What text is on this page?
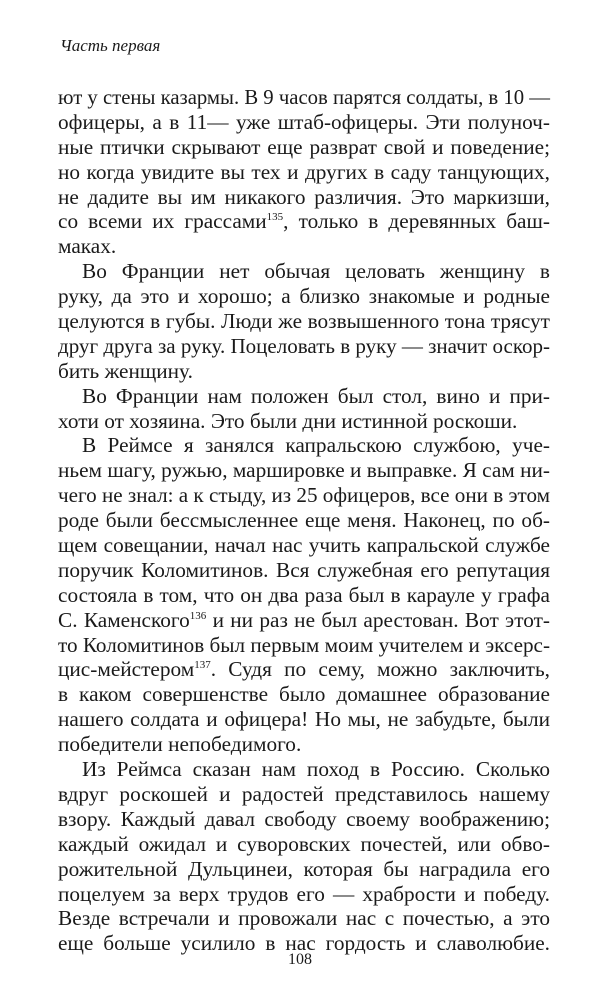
Часть первая
ют у стены казармы. В 9 часов парятся солдаты, в 10 —
офицеры, а в 11— уже штаб-офицеры. Эти полуноч-
ные птички скрывают еще разврат свой и поведение;
но когда увидите вы тех и других в саду танцующих,
не дадите вы им никакого различия. Это маркизши,
со всеми их грассами$^{135}$, только в деревянных баш-
маках.
Во Франции нет обычая целовать женщину в
руку, да это и хорошо; а близко знакомые и родные
целуются в губы. Люди же возвышенного тона трясут
друг друга за руку. Поцеловать в руку — значит оскор-
бить женщину.
Во Франции нам положен был стол, вино и при-
хоти от хозяина. Это были дни истинной роскоши.
В Реймсе я занялся капральскою службою, уче-
ньем шагу, ружью, маршировке и выправке. Я сам ни-
чего не знал: а к стыду, из 25 офицеров, все они в этом
роде были бессмысленнее еще меня. Наконец, по об-
щем совещании, начал нас учить капральской службе
поручик Коломитинов. Вся служебная его репутация
состояла в том, что он два раза был в карауле у графа
С. Каменского$^{136}$ и ни раз не был арестован. Вот этот-
то Коломитинов был первым моим учителем и эксерс-
цис-мейстером$^{137}$. Судя по сему, можно заключить,
в каком совершенстве было домашнее образование
нашего солдата и офицера! Но мы, не забудьте, были
победители непобедимого.
Из Реймса сказан нам поход в Россию. Сколько
вдруг роскошей и радостей представилось нашему
взору. Каждый давал свободу своему воображению;
каждый ожидал и суворовских почестей, или обво-
рожительной Дульцинеи, которая бы наградила его
поцелуем за верх трудов его — храбрости и победу.
Везде встречали и провожали нас с почестью, а это
еще больше усилило в нас гордость и славолюбие.
108
